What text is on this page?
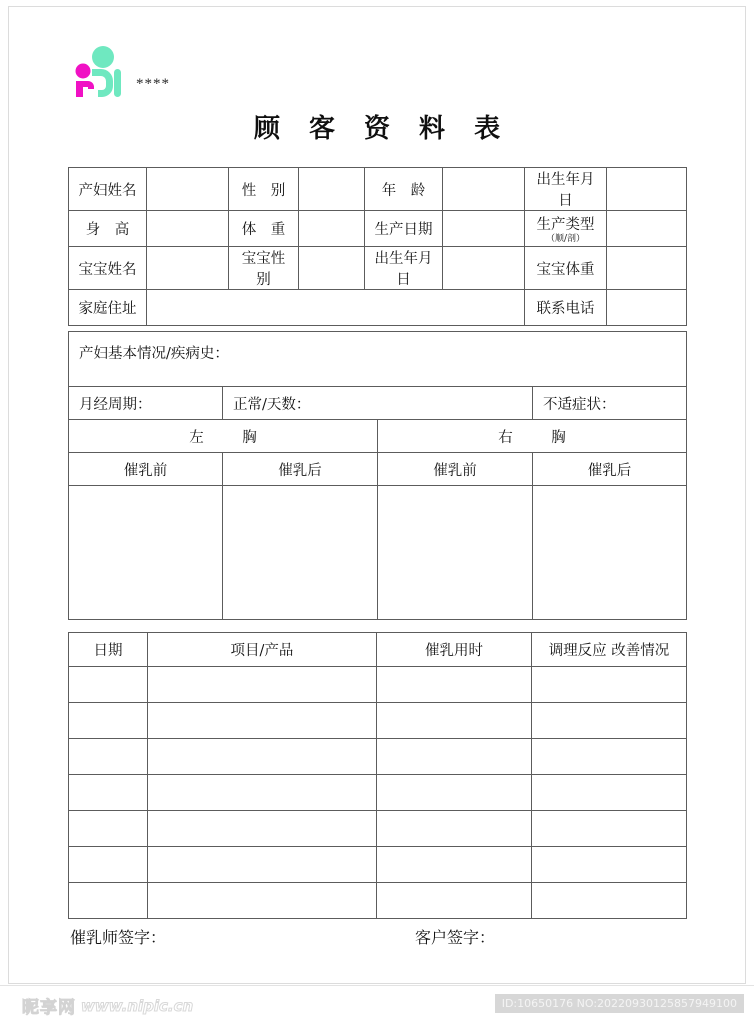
****
顾 客 资 料 表
产妇姓名		性　别		年　龄		出生年月日	
身　高		体　重		生产日期		生产类型
（顺/剖）	

宝宝姓名		宝宝性别		出生年月日		宝宝体重	
家庭住址						联系电话	
产妇基本情况/疾病史：			
月经周期：	正常/天数：		不适症状：
左　胸		右　胸	
催乳前	催乳后	催乳前	催乳后

日期	项目/产品	催乳用时	调理反应 改善情况

催乳师签字：	客户签字：
昵享网 www.nipic.cn	ID:10650176 NO:20220930125857949100
